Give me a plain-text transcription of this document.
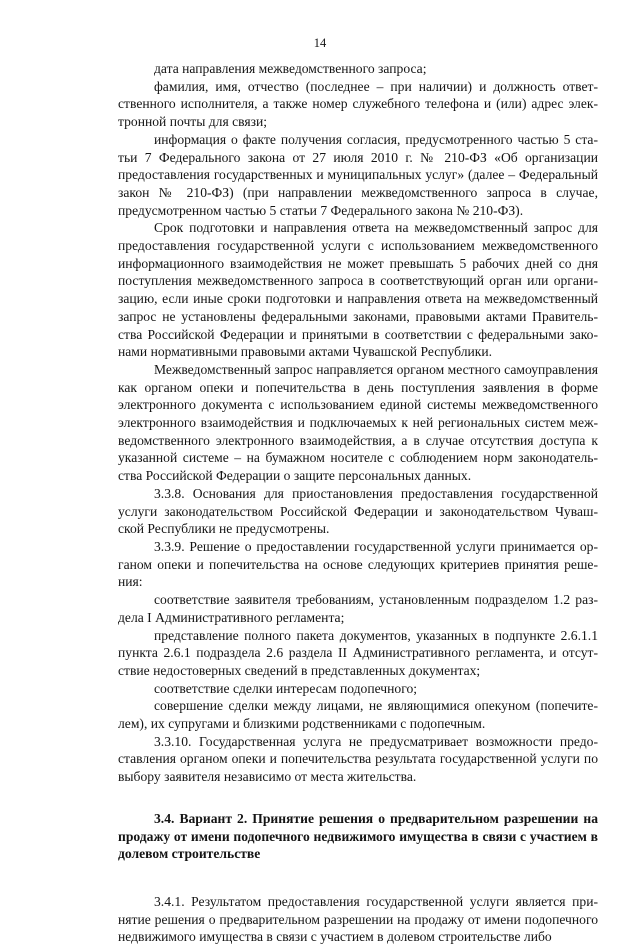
14

дата направления межведомственного запроса;

фамилия, имя, отчество (последнее – при наличии) и должность ответственного исполнителя, а также номер служебного телефона и (или) адрес электронной почты для связи;

информация о факте получения согласия, предусмотренного частью 5 статьи 7 Федерального закона от 27 июля 2010 г. № 210-ФЗ «Об организации предоставления государственных и муниципальных услуг» (далее – Федеральный закон № 210-ФЗ) (при направлении межведомственного запроса в случае, предусмотренном частью 5 статьи 7 Федерального закона № 210-ФЗ).

Срок подготовки и направления ответа на межведомственный запрос для предоставления государственной услуги с использованием межведомственного информационного взаимодействия не может превышать 5 рабочих дней со дня поступления межведомственного запроса в соответствующий орган или организацию, если иные сроки подготовки и направления ответа на межведомственный запрос не установлены федеральными законами, правовыми актами Правительства Российской Федерации и принятыми в соответствии с федеральными законами нормативными правовыми актами Чувашской Республики.

Межведомственный запрос направляется органом местного самоуправления как органом опеки и попечительства в день поступления заявления в форме электронного документа с использованием единой системы межведомственного электронного взаимодействия и подключаемых к ней региональных систем межведомственного электронного взаимодействия, а в случае отсутствия доступа к указанной системе – на бумажном носителе с соблюдением норм законодательства Российской Федерации о защите персональных данных.

3.3.8. Основания для приостановления предоставления государственной услуги законодательством Российской Федерации и законодательством Чувашской Республики не предусмотрены.

3.3.9. Решение о предоставлении государственной услуги принимается органом опеки и попечительства на основе следующих критериев принятия решения:

соответствие заявителя требованиям, установленным подразделом 1.2 раздела I Административного регламента;

представление полного пакета документов, указанных в подпункте 2.6.1.1 пункта 2.6.1 подраздела 2.6 раздела II Административного регламента, и отсутствие недостоверных сведений в представленных документах;

соответствие сделки интересам подопечного;

совершение сделки между лицами, не являющимися опекуном (попечителем), их супругами и близкими родственниками с подопечным.

3.3.10. Государственная услуга не предусматривает возможности предоставления органом опеки и попечительства результата государственной услуги по выбору заявителя независимо от места жительства.

3.4. Вариант 2. Принятие решения о предварительном разрешении на продажу от имени подопечного недвижимого имущества в связи с участием в долевом строительстве

3.4.1. Результатом предоставления государственной услуги является принятие решения о предварительном разрешении на продажу от имени подопечного недвижимого имущества в связи с участием в долевом строительстве либо
